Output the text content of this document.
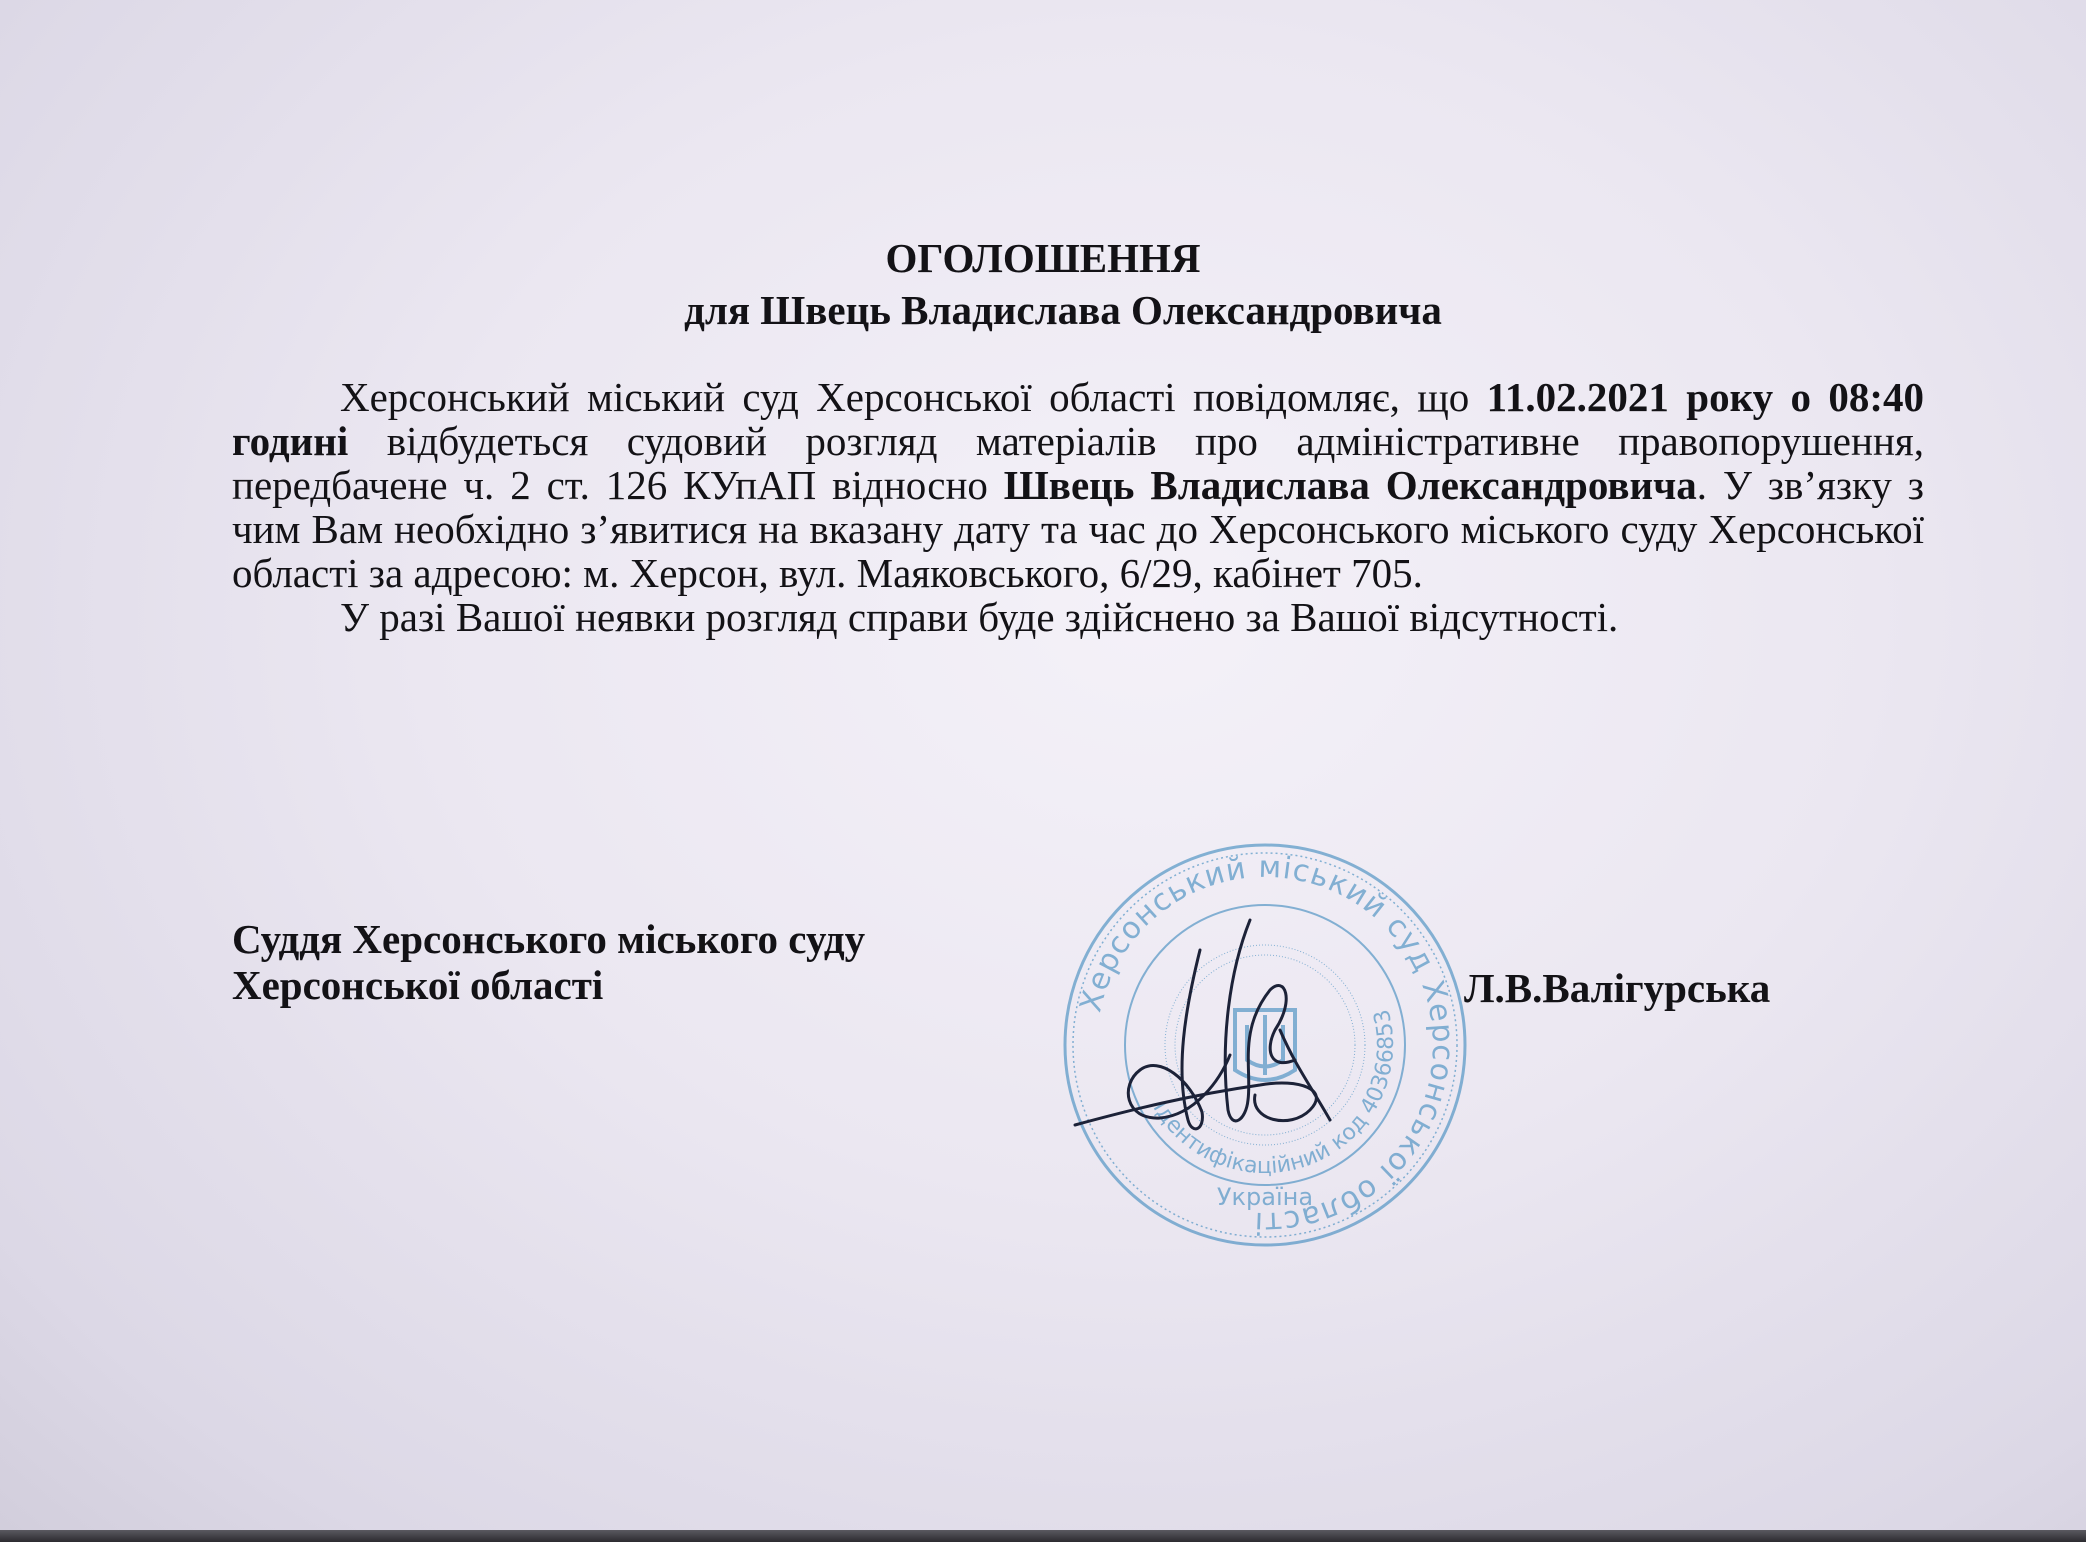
ОГОЛОШЕННЯ
для Швець Владислава Олександровича

Херсонський міський суд Херсонської області повідомляє, що 11.02.2021 року о 08:40 годині відбудеться судовий розгляд матеріалів про адміністративне правопорушення, передбачене ч. 2 ст. 126 КУпАП відносно Швець Владислава Олександровича. У зв’язку з чим Вам необхідно з’явитися на вказану дату та час до Херсонського міського суду Херсонської області за адресою: м. Херсон, вул. Маяковського, 6/29, кабінет 705.

У разі Вашої неявки розгляд справи буде здійснено за Вашої відсутності.

Суддя Херсонського міського суду
Херсонської області	Херсонський міський суд Херсонської області
Ідентифікаційний код 40366853
Україна
Л.В.Валігурська
